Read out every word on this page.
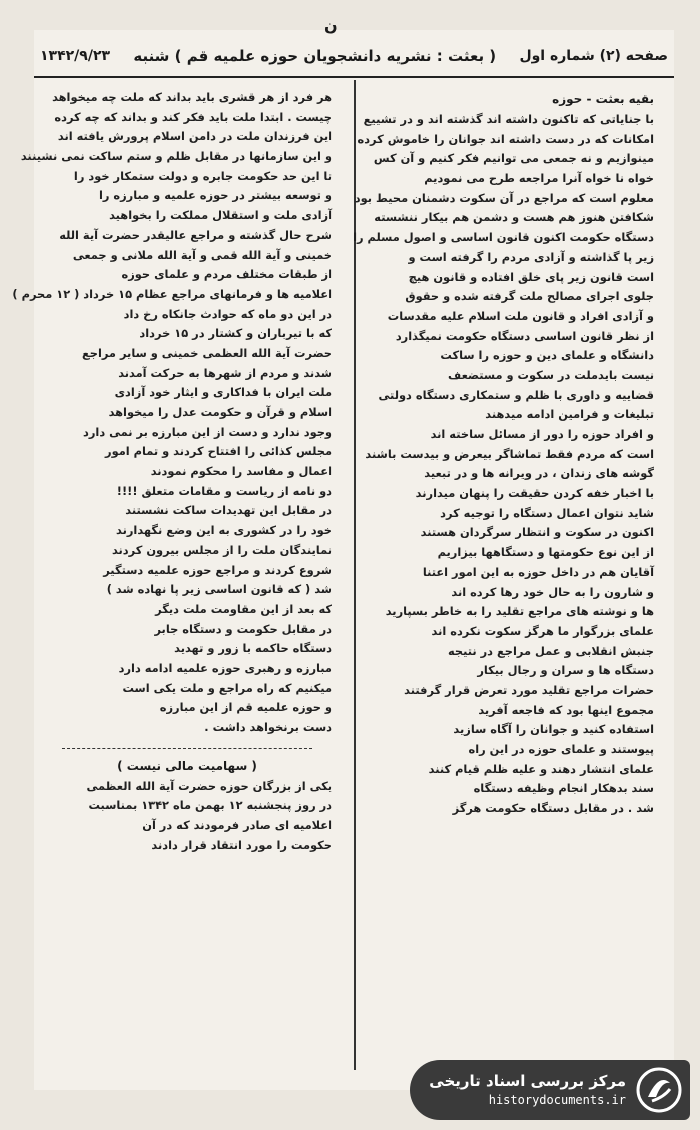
ن
صفحه (۲) شماره اول
( بعثت : نشریه دانشجویان حوزه علمیه قم ) شنبه
۱۳۴۲/۹/۲۳
بقیه بعثت - حوزه
با جنایاتی که تاکنون داشته اند گذشته اند و در تشییع
امکانات که در دست داشته اند جوانان را خاموش کرده
مینوازیم و نه جمعی می توانیم فکر کنیم و آن کس
خواه نا خواه آنرا مراجعه طرح می نمودیم
معلوم است که مراجع در آن سکوت دشمنان محیط بود
شکافتن هنوز هم هست و دشمن هم بیکار ننشسته
دستگاه حکومت اکنون قانون اساسی و اصول مسلم را
زیر پا گذاشته و آزادی مردم را گرفته است و
است قانون زیر پای خلق افتاده و قانون هیچ
جلوی اجرای مصالح ملت گرفته شده و حقوق
و آزادی افراد و قانون ملت اسلام علیه مقدسات
از نظر قانون اساسی دستگاه حکومت نمیگذارد
دانشگاه و علمای دین و حوزه را ساکت
نیست بایدملت در سکوت و مستضعف
قضاییه و داوری با ظلم و ستمکاری دستگاه دولتی
تبلیغات و فرامین ادامه میدهند
و افراد حوزه را دور از مسائل ساخته اند
است که مردم فقط تماشاگر بیعرض و بیدست باشند
گوشه های زندان ، در ویرانه ها و در تبعید
با اخبار خفه کردن حقیقت را پنهان میدارند
شاید نتوان اعمال دستگاه را توجیه کرد
اکنون در سکوت و انتظار سرگردان هستند
از این نوع حکومتها و دستگاهها بیزاریم
آقایان هم در داخل حوزه به این امور اعتنا
و شارون را به حال خود رها کرده اند
ها و نوشته های مراجع تقلید را به خاطر بسپارید
علمای بزرگوار ما هرگز سکوت نکرده اند
جنبش انقلابی و عمل مراجع در نتیجه
دستگاه ها و سران و رجال بیکار
حضرات مراجع تقلید مورد تعرض قرار گرفتند
مجموع اینها بود که فاجعه آفرید
استفاده کنید و جوانان را آگاه سازید
پیوستند و علمای حوزه در این راه
علمای انتشار دهند و علیه ظلم قیام کنند
سند بدهکار انجام وظیفه دستگاه
شد . در مقابل دستگاه حکومت هرگز
هر فرد از هر قشری باید بداند که ملت چه میخواهد
چیست . ابتدا ملت باید فکر کند و بداند که چه کرده
این فرزندان ملت در دامن اسلام پرورش یافته اند
و این سازمانها در مقابل ظلم و ستم ساکت نمی نشینند
تا این حد حکومت جابره و دولت ستمکار خود را
و توسعه بیشتر در حوزه علمیه و مبارزه را
آزادی ملت و استقلال مملکت را بخواهید
شرح حال گذشته و مراجع عالیقدر حضرت آیة الله
خمینی و آیة الله قمی و آیة الله ملانی و جمعی
از طبقات مختلف مردم و علمای حوزه
اعلامیه ها و فرمانهای مراجع عظام ۱۵ خرداد ( ۱۲ محرم )
در این دو ماه که حوادث جانکاه رخ داد
که با تیرباران و کشتار در ۱۵ خرداد
حضرت آیة الله العظمی خمینی و سایر مراجع
شدند و مردم از شهرها به حرکت آمدند
ملت ایران با فداکاری و ایثار خود آزادی
اسلام و قرآن و حکومت عدل را میخواهد
وجود ندارد و دست از این مبارزه بر نمی دارد
مجلس کذائی را افتتاح کردند و تمام امور
اعمال و مفاسد را محکوم نمودند
دو نامه از ریاست و مقامات متعلق !!!!
در مقابل این تهدیدات ساکت نشستند
خود را در کشوری به این وضع نگهدارند
نمایندگان ملت را از مجلس بیرون کردند
شروع کردند و مراجع حوزه علمیه دستگیر
شد ( که قانون اساسی زیر پا نهاده شد )
که بعد از این مقاومت ملت دیگر
در مقابل حکومت و دستگاه جابر
دستگاه حاکمه با زور و تهدید
مبارزه و رهبری حوزه علمیه ادامه دارد
میکنیم که راه مراجع و ملت یکی است
و حوزه علمیه قم از این مبارزه
دست برنخواهد داشت .
( سهامیت مالی نیست )
یکی از بزرگان حوزه حضرت آیة الله العظمی
در روز پنجشنبه ۱۲ بهمن ماه ۱۳۴۲ بمناسبت
اعلامیه ای صادر فرمودند که در آن
حکومت را مورد انتقاد قرار دادند
مرکز بررسی اسناد تاریخی
historydocuments.ir
